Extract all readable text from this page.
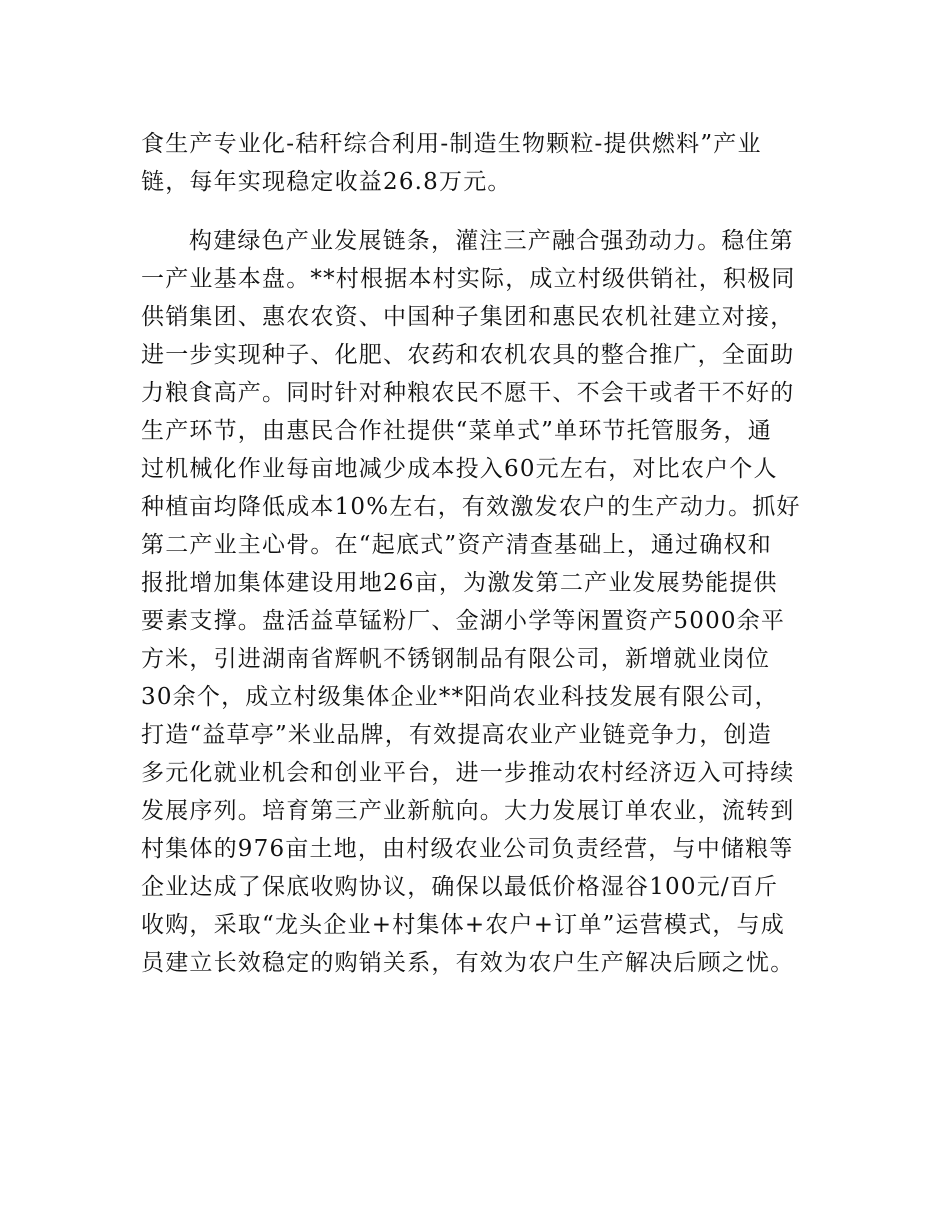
食生产专业化-秸秆综合利用-制造生物颗粒-提供燃料”产业
链，每年实现稳定收益26.8万元。
构建绿色产业发展链条，灌注三产融合强劲动力。稳住第
一产业基本盘。**村根据本村实际，成立村级供销社，积极同
供销集团、惠农农资、中国种子集团和惠民农机社建立对接，
进一步实现种子、化肥、农药和农机农具的整合推广，全面助
力粮食高产。同时针对种粮农民不愿干、不会干或者干不好的
生产环节，由惠民合作社提供“菜单式”单环节托管服务，通
过机械化作业每亩地减少成本投入60元左右，对比农户个人
种植亩均降低成本10%左右，有效激发农户的生产动力。抓好
第二产业主心骨。在“起底式”资产清查基础上，通过确权和
报批增加集体建设用地26亩，为激发第二产业发展势能提供
要素支撑。盘活益草锰粉厂、金湖小学等闲置资产5000余平
方米，引进湖南省辉帆不锈钢制品有限公司，新增就业岗位
30余个，成立村级集体企业**阳尚农业科技发展有限公司，
打造“益草亭”米业品牌，有效提高农业产业链竞争力，创造
多元化就业机会和创业平台，进一步推动农村经济迈入可持续
发展序列。培育第三产业新航向。大力发展订单农业，流转到
村集体的976亩土地，由村级农业公司负责经营，与中储粮等
企业达成了保底收购协议，确保以最低价格湿谷100元/百斤
收购，采取“龙头企业+村集体+农户+订单”运营模式，与成
员建立长效稳定的购销关系，有效为农户生产解决后顾之忧。
